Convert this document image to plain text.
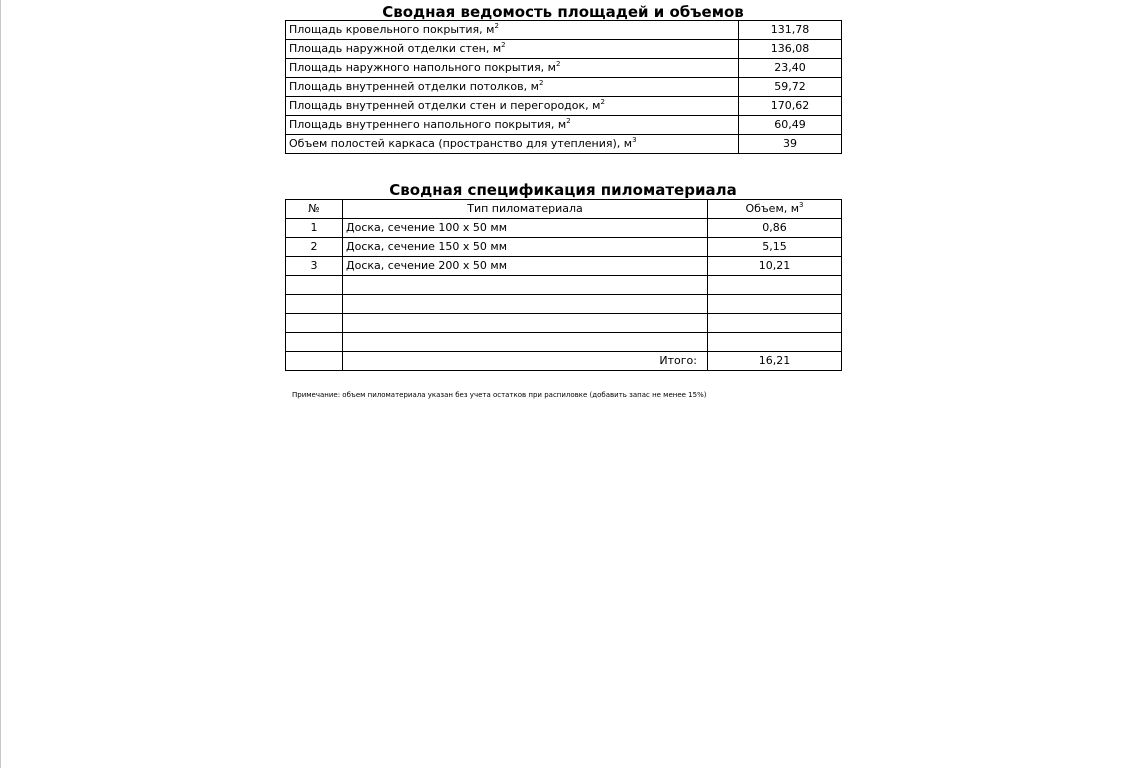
Сводная ведомость площадей и объемов
Площадь кровельного покрытия, $м^2$	131,78
Площадь наружной отделки стен, $м^2$	136,08
Площадь наружного напольного покрытия, $м^2$	23,40
Площадь внутренней отделки потолков, $м^2$	59,72
Площадь внутренней отделки стен и перегородок, $м^2$	170,62
Площадь внутреннего напольного покрытия, $м^2$	60,49
Объем полостей каркаса (пространство для утепления), $м^3$	39
Сводная спецификация пиломатериала
№	Тип пиломатериала	Объем, $м^3$
1	Доска, сечение 100 х 50 мм	0,86
2	Доска, сечение 150 х 50 мм	5,15
3	Доска, сечение 200 х 50 мм	10,21

	Итого:	16,21
Примечание: объем пиломатериала указан без учета остатков при распиловке (добавить запас не менее 15%)
